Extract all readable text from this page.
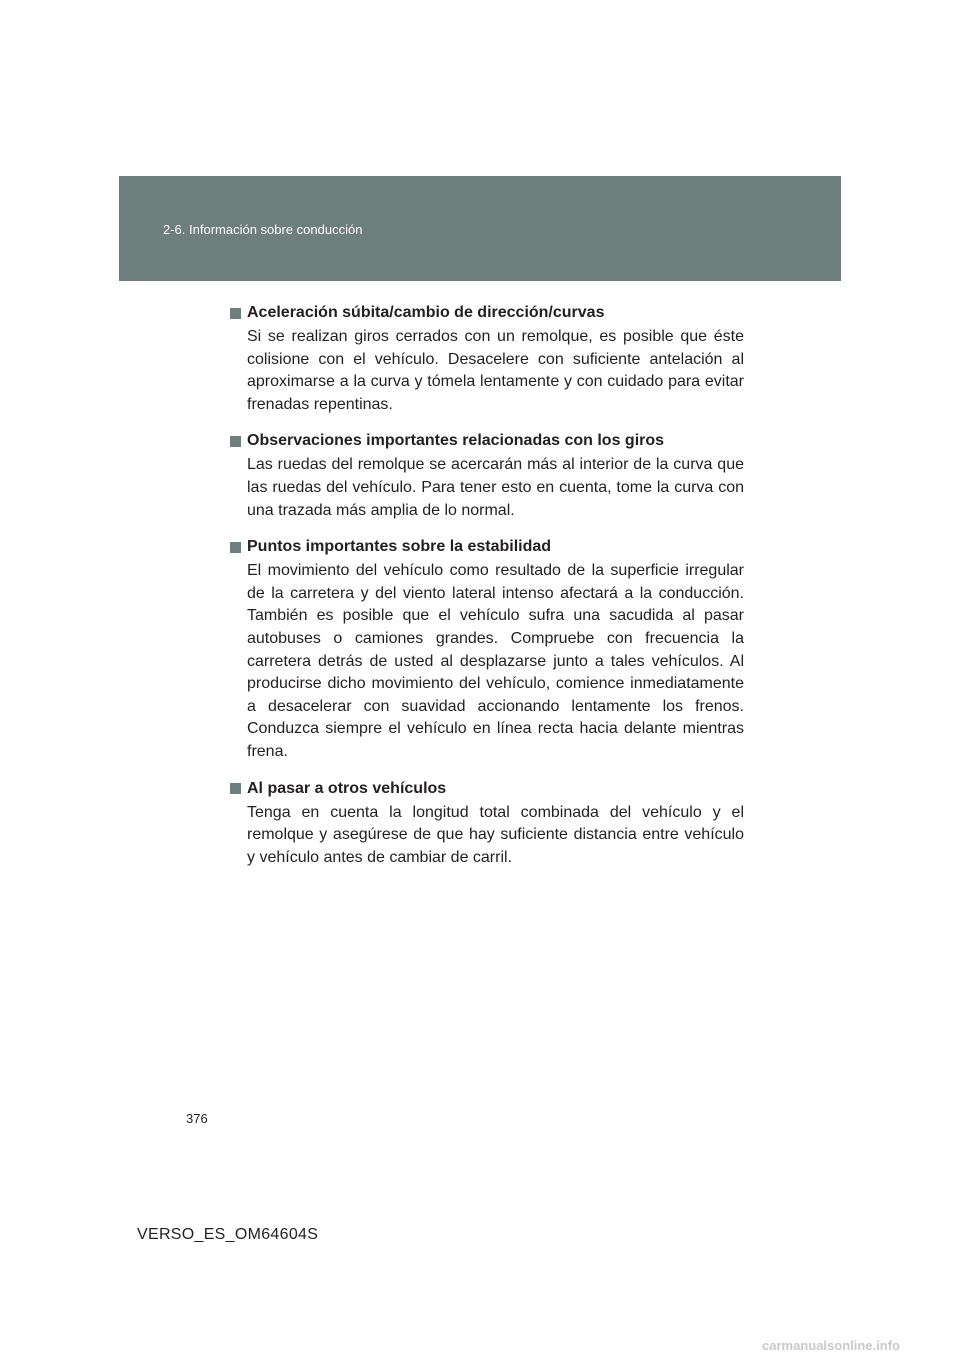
2-6. Información sobre conducción
Aceleración súbita/cambio de dirección/curvas
Si se realizan giros cerrados con un remolque, es posible que éste colisione con el vehículo. Desacelere con suficiente antelación al aproximarse a la curva y tómela lentamente y con cuidado para evitar frenadas repentinas.
Observaciones importantes relacionadas con los giros
Las ruedas del remolque se acercarán más al interior de la curva que las ruedas del vehículo. Para tener esto en cuenta, tome la curva con una trazada más amplia de lo normal.
Puntos importantes sobre la estabilidad
El movimiento del vehículo como resultado de la superficie irregular de la carretera y del viento lateral intenso afectará a la conducción. También es posible que el vehículo sufra una sacudida al pasar autobuses o camiones grandes. Compruebe con frecuencia la carretera detrás de usted al desplazarse junto a tales vehículos. Al producirse dicho movimiento del vehículo, comience inmediatamente a desacelerar con suavidad accionando lentamente los frenos. Conduzca siempre el vehículo en línea recta hacia delante mientras frena.
Al pasar a otros vehículos
Tenga en cuenta la longitud total combinada del vehículo y el remolque y asegúrese de que hay suficiente distancia entre vehículo y vehículo antes de cambiar de carril.
376
VERSO_ES_OM64604S
carmanualsonline.info
